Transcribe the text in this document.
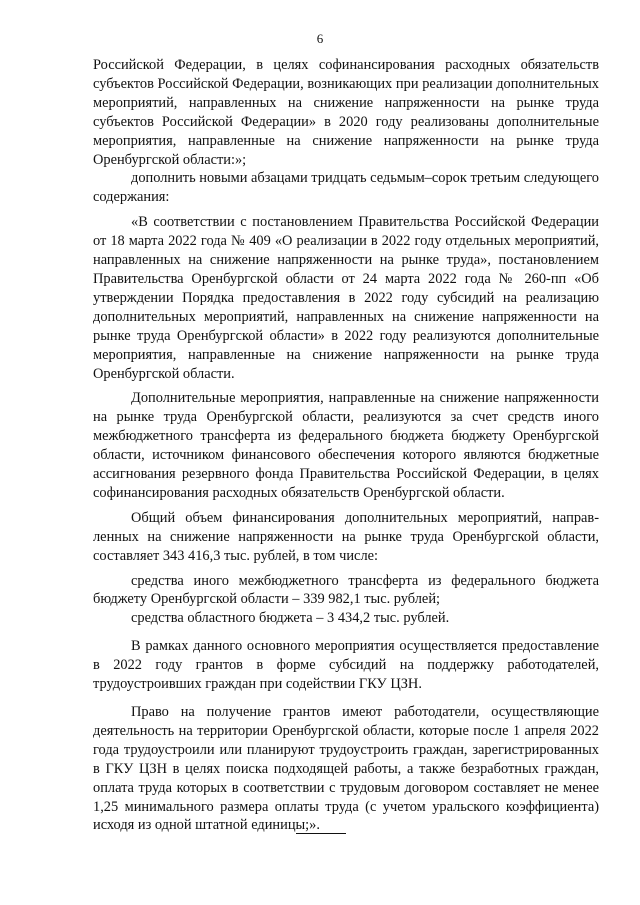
6

Российской Федерации, в целях софинансирования расходных обязательств субъектов Российской Федерации, возникающих при реализации дополнительных мероприятий, направленных на снижение напряженности на рынке труда субъектов Российской Федерации» в 2020 году реализованы дополнительные мероприятия, направленные на снижение напряженности на рынке труда Оренбургской области:»;

дополнить новыми абзацами тридцать седьмым–сорок третьим следующего содержания:

«В соответствии с постановлением Правительства Российской Федерации от 18 марта 2022 года № 409 «О реализации в 2022 году отдельных мероприятий, направленных на снижение напряженности на рынке труда», постановлением Правительства Оренбургской области от 24 марта 2022 года № 260-пп «Об утверждении Порядка предоставления в 2022 году субсидий на реализацию дополнительных мероприятий, направленных на снижение напряженности на рынке труда Оренбургской области» в 2022 году реализуются дополнительные мероприятия, направленные на снижение напряженности на рынке труда Оренбургской области.

Дополнительные мероприятия, направленные на снижение напряженности на рынке труда Оренбургской области, реализуются за счет средств иного межбюджетного трансферта из федерального бюджета бюджету Оренбургской области, источником финансового обеспечения которого являются бюджетные ассигнования резервного фонда Правительства Российской Федерации, в целях софинансирования расходных обязательств Оренбургской области.

Общий объем финансирования дополнительных мероприятий, направленных на снижение напряженности на рынке труда Оренбургской области, составляет 343 416,3 тыс. рублей, в том числе:

средства иного межбюджетного трансферта из федерального бюджета бюджету Оренбургской области – 339 982,1 тыс. рублей;

средства областного бюджета – 3 434,2 тыс. рублей.

В рамках данного основного мероприятия осуществляется предоставление в 2022 году грантов в форме субсидий на поддержку работодателей, трудоустроивших граждан при содействии ГКУ ЦЗН.

Право на получение грантов имеют работодатели, осуществляющие деятельность на территории Оренбургской области, которые после 1 апреля 2022 года трудоустроили или планируют трудоустроить граждан, зарегистрированных в ГКУ ЦЗН в целях поиска подходящей работы, а также безработных граждан, оплата труда которых в соответствии с трудовым договором составляет не менее 1,25 минимального размера оплаты труда (с учетом уральского коэффициента) исходя из одной штатной единицы;».
